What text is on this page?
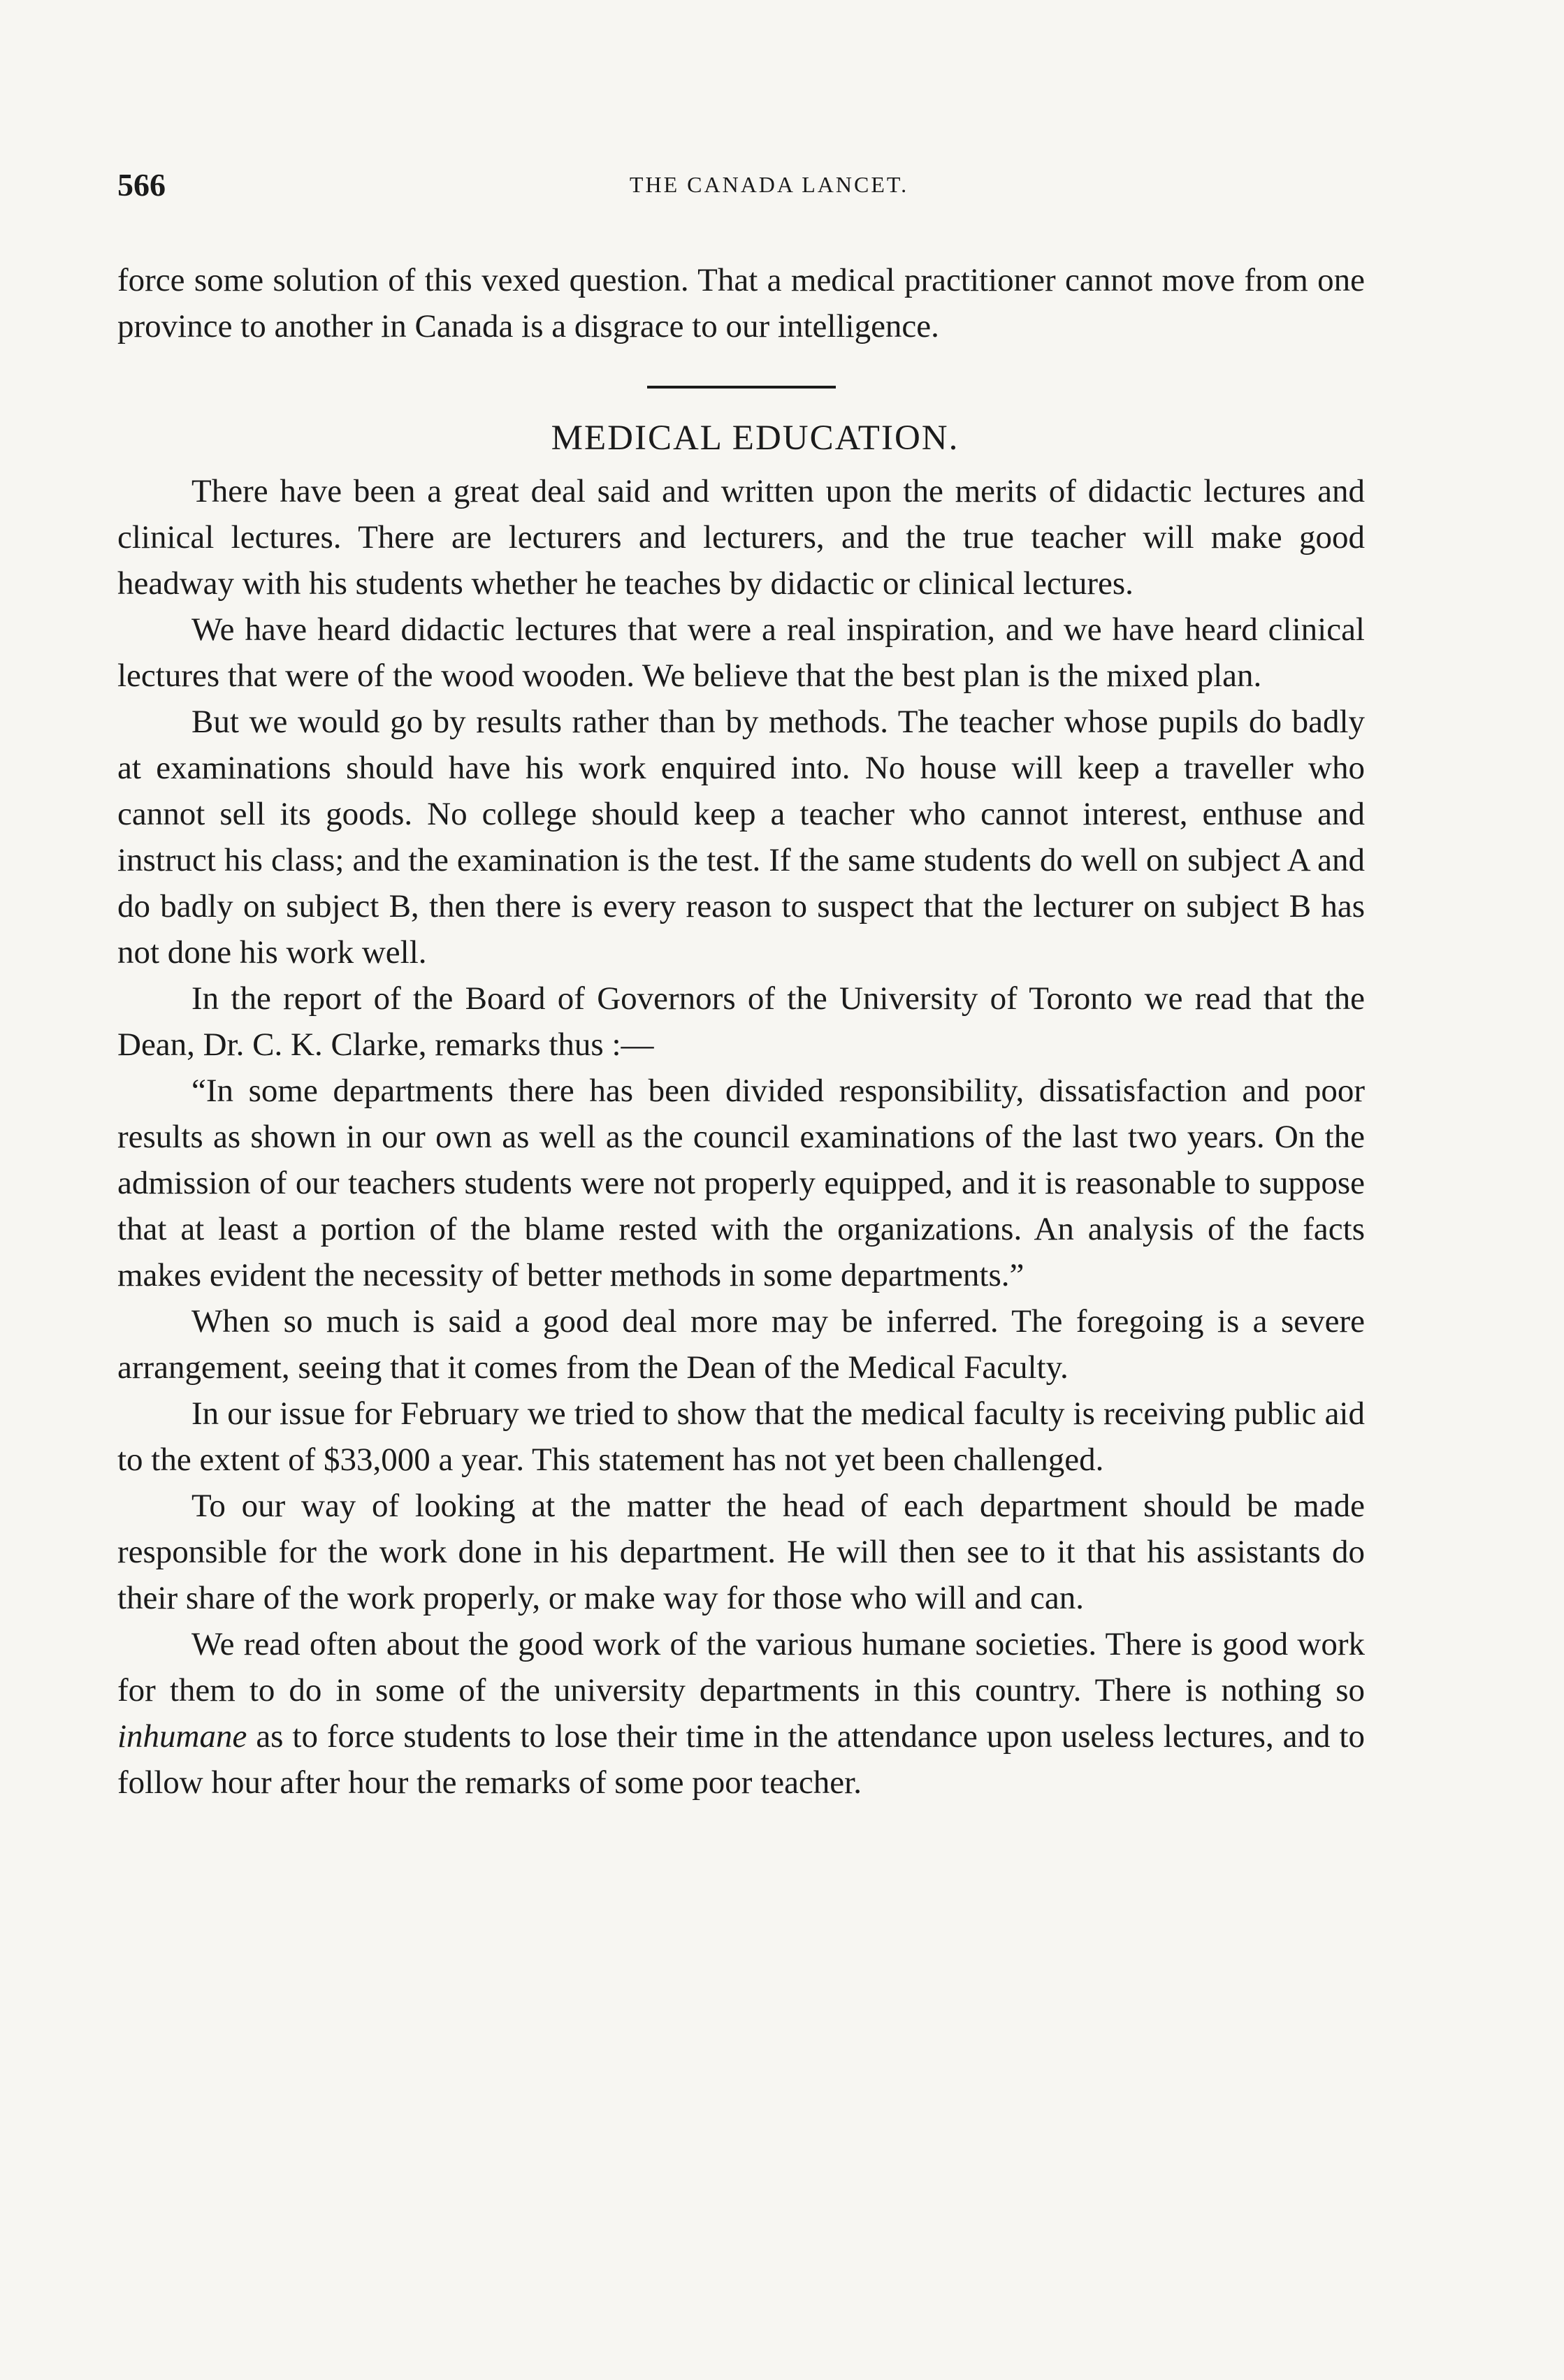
566	THE CANADA LANCET.

force some solution of this vexed question. That a medical practitioner cannot move from one province to another in Canada is a disgrace to our intelligence.

MEDICAL EDUCATION.

There have been a great deal said and written upon the merits of didactic lectures and clinical lectures. There are lecturers and lecturers, and the true teacher will make good headway with his students whether he teaches by didactic or clinical lectures.

We have heard didactic lectures that were a real inspiration, and we have heard clinical lectures that were of the wood wooden. We believe that the best plan is the mixed plan.

But we would go by results rather than by methods. The teacher whose pupils do badly at examinations should have his work enquired into. No house will keep a traveller who cannot sell its goods. No college should keep a teacher who cannot interest, enthuse and instruct his class; and the examination is the test. If the same students do well on subject A and do badly on subject B, then there is every reason to suspect that the lecturer on subject B has not done his work well.

In the report of the Board of Governors of the University of Toronto we read that the Dean, Dr. C. K. Clarke, remarks thus :—

“In some departments there has been divided responsibility, dissatisfaction and poor results as shown in our own as well as the council examinations of the last two years. On the admission of our teachers students were not properly equipped, and it is reasonable to suppose that at least a portion of the blame rested with the organizations. An analysis of the facts makes evident the necessity of better methods in some departments.”

When so much is said a good deal more may be inferred. The foregoing is a severe arrangement, seeing that it comes from the Dean of the Medical Faculty.

In our issue for February we tried to show that the medical faculty is receiving public aid to the extent of $33,000 a year. This statement has not yet been challenged.

To our way of looking at the matter the head of each department should be made responsible for the work done in his department. He will then see to it that his assistants do their share of the work properly, or make way for those who will and can.

We read often about the good work of the various humane societies. There is good work for them to do in some of the university departments in this country. There is nothing so inhumane as to force students to lose their time in the attendance upon useless lectures, and to follow hour after hour the remarks of some poor teacher.
